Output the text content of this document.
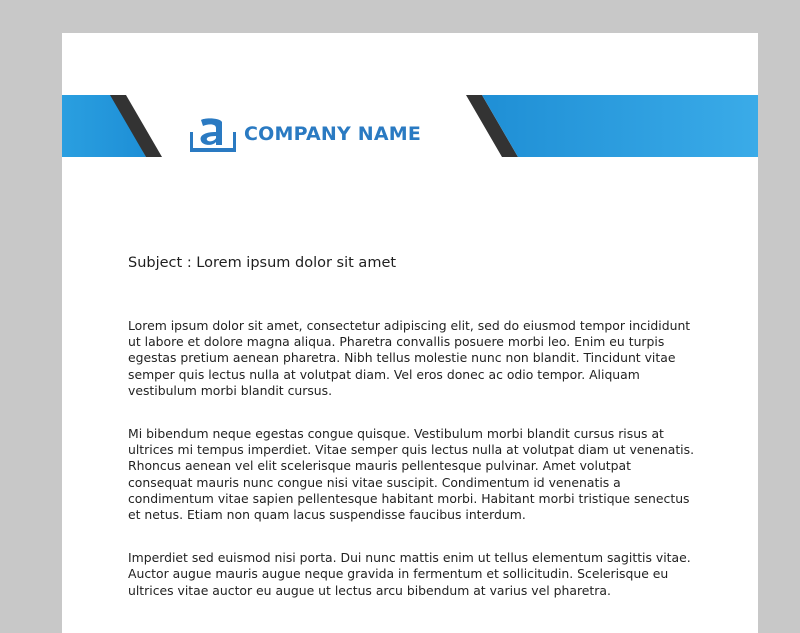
COMPANY NAME
Subject : Lorem ipsum dolor sit amet

Lorem ipsum dolor sit amet, consectetur adipiscing elit, sed do eiusmod tempor incididunt ut labore et dolore magna aliqua. Pharetra convallis posuere morbi leo. Enim eu turpis egestas pretium aenean pharetra. Nibh tellus molestie nunc non blandit. Tincidunt vitae semper quis lectus nulla at volutpat diam. Vel eros donec ac odio tempor. Aliquam vestibulum morbi blandit cursus.

Mi bibendum neque egestas congue quisque. Vestibulum morbi blandit cursus risus at ultrices mi tempus imperdiet. Vitae semper quis lectus nulla at volutpat diam ut venenatis. Rhoncus aenean vel elit scelerisque mauris pellentesque pulvinar. Amet volutpat consequat mauris nunc congue nisi vitae suscipit. Condimentum id venenatis a condimentum vitae sapien pellentesque habitant morbi. Habitant morbi tristique senectus et netus. Etiam non quam lacus suspendisse faucibus interdum.

Imperdiet sed euismod nisi porta. Dui nunc mattis enim ut tellus elementum sagittis vitae. Auctor augue mauris augue neque gravida in fermentum et sollicitudin. Scelerisque eu ultrices vitae auctor eu augue ut lectus arcu bibendum at varius vel pharetra.
